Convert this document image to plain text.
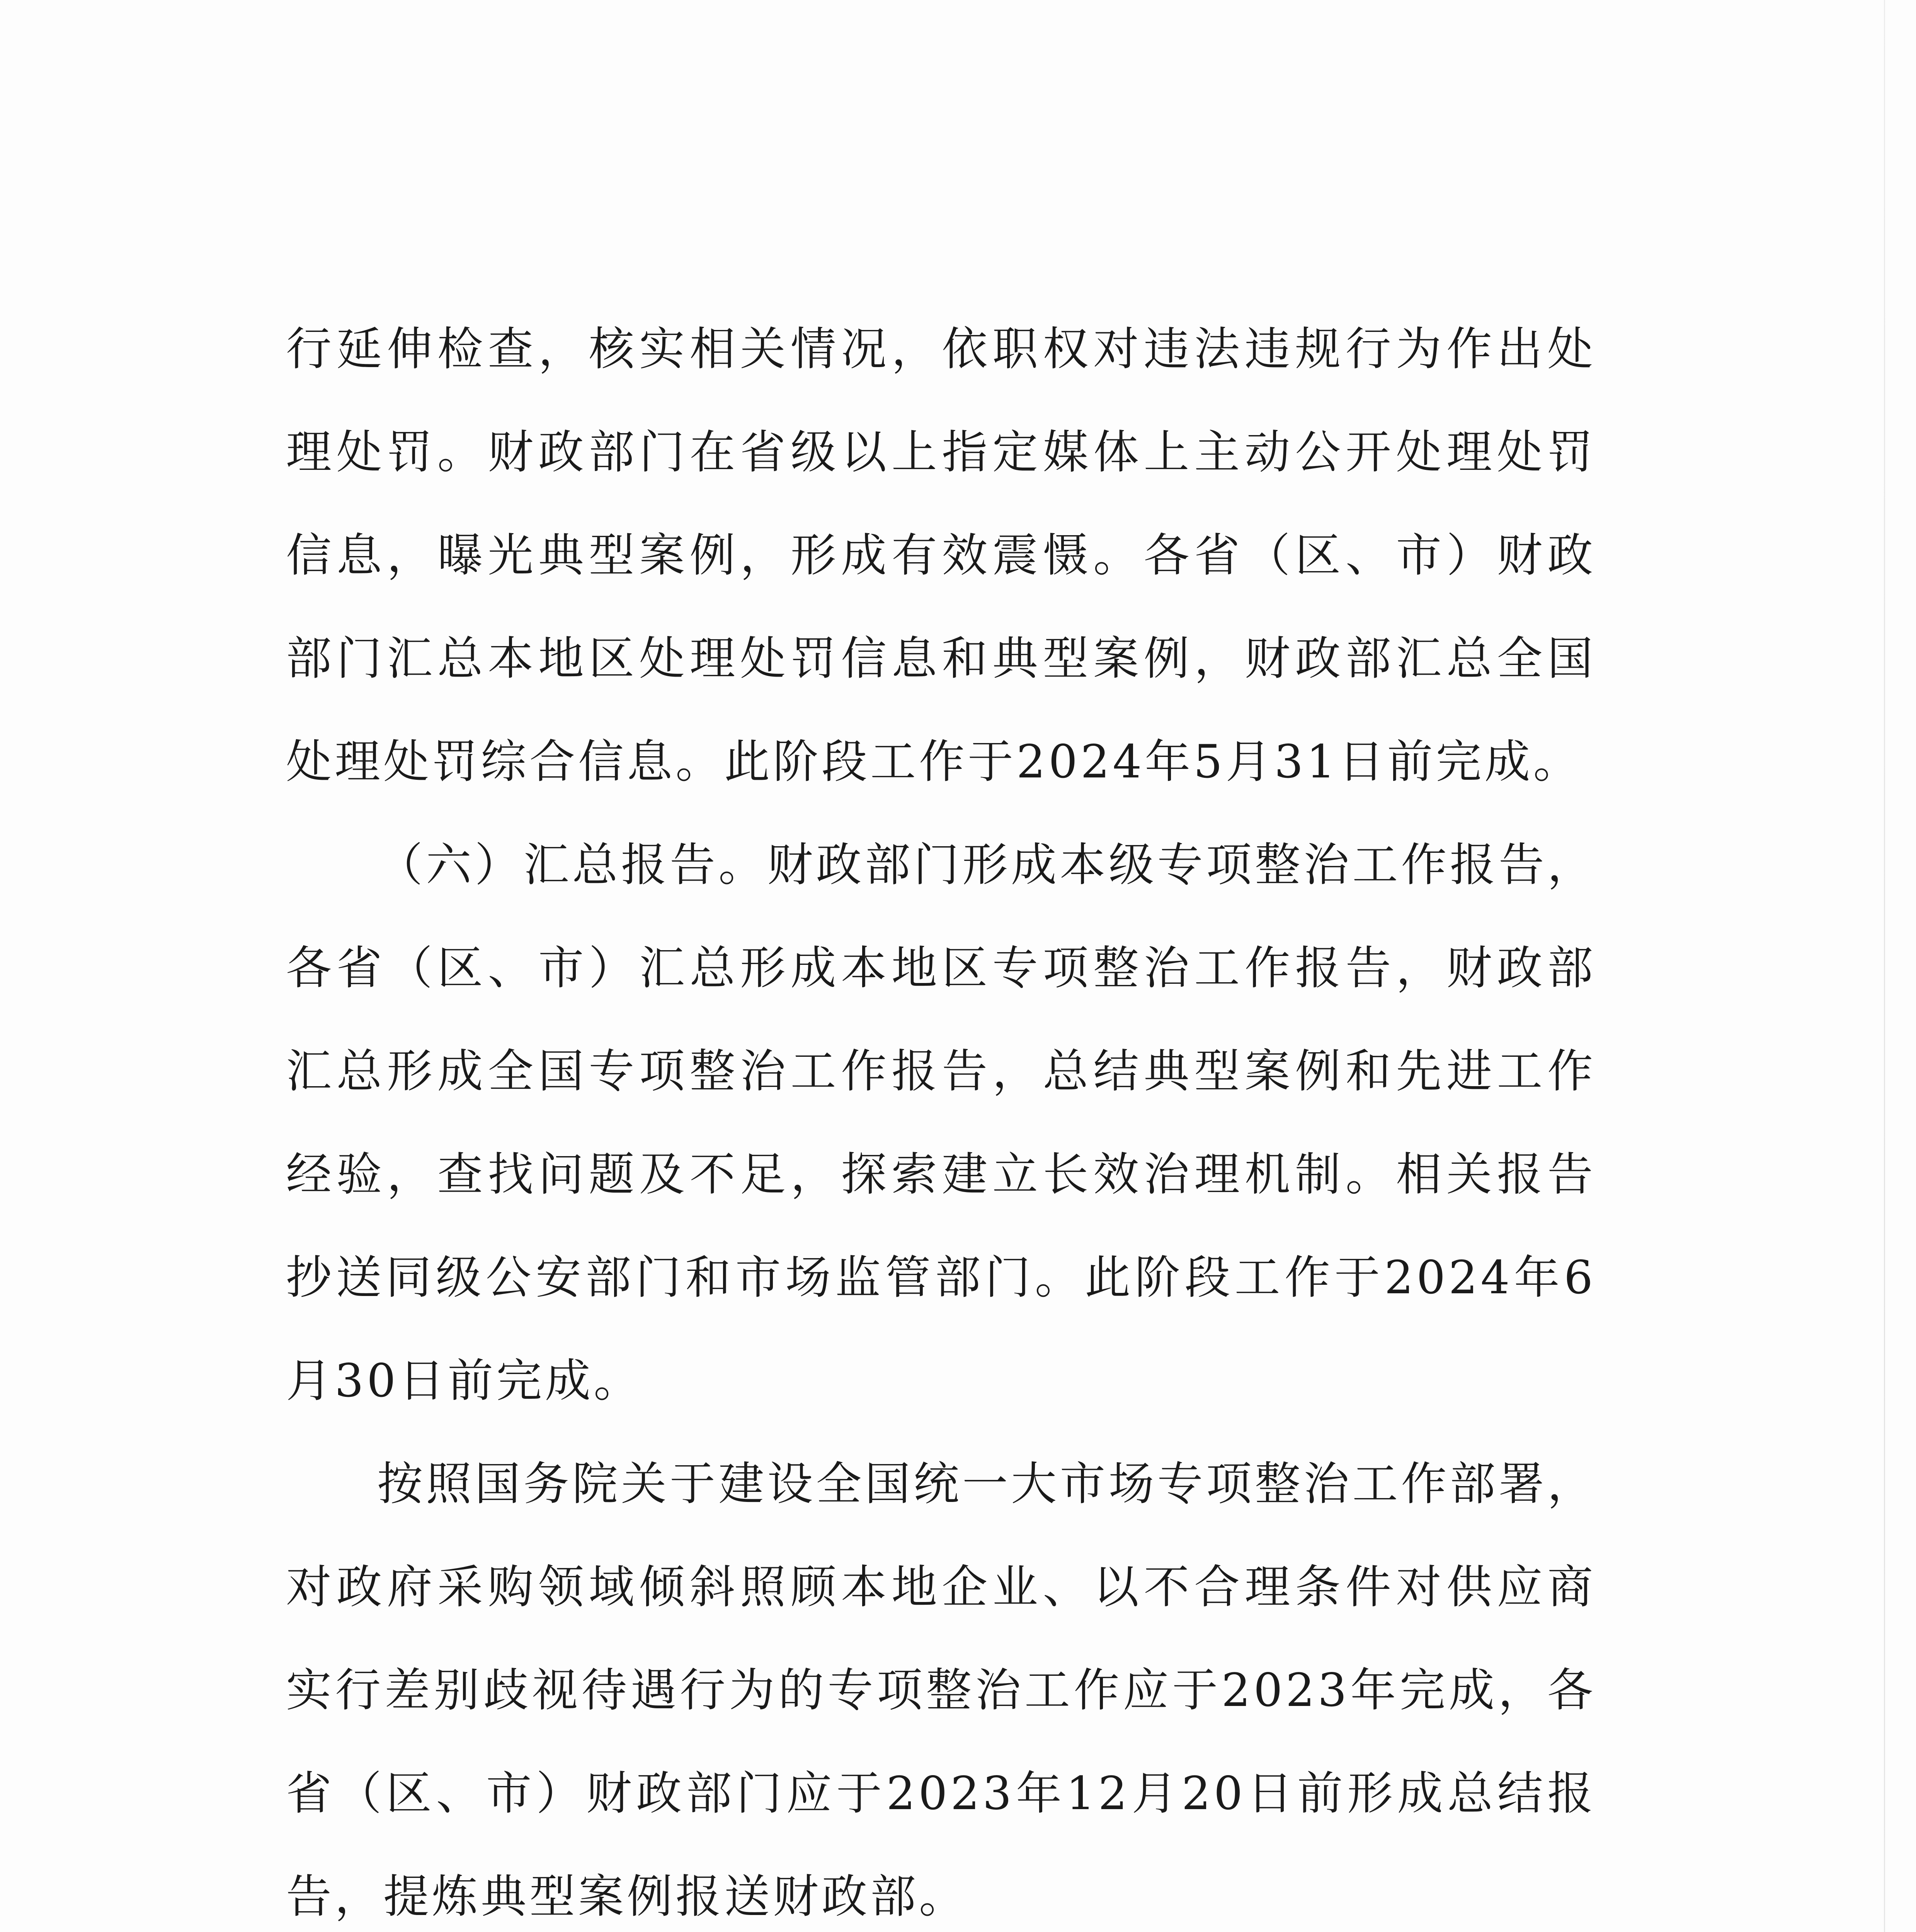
行延伸检查，核实相关情况，依职权对违法违规行为作出处理处罚。财政部门在省级以上指定媒体上主动公开处理处罚信息，曝光典型案例，形成有效震慑。各省（区、市）财政部门汇总本地区处理处罚信息和典型案例，财政部汇总全国处理处罚综合信息。此阶段工作于2024年5月31日前完成。

（六）汇总报告。财政部门形成本级专项整治工作报告，各省（区、市）汇总形成本地区专项整治工作报告，财政部汇总形成全国专项整治工作报告，总结典型案例和先进工作经验，查找问题及不足，探索建立长效治理机制。相关报告抄送同级公安部门和市场监管部门。此阶段工作于2024年6月30日前完成。

按照国务院关于建设全国统一大市场专项整治工作部署，对政府采购领域倾斜照顾本地企业、以不合理条件对供应商实行差别歧视待遇行为的专项整治工作应于2023年完成，各省（区、市）财政部门应于2023年12月20日前形成总结报告，提炼典型案例报送财政部。
